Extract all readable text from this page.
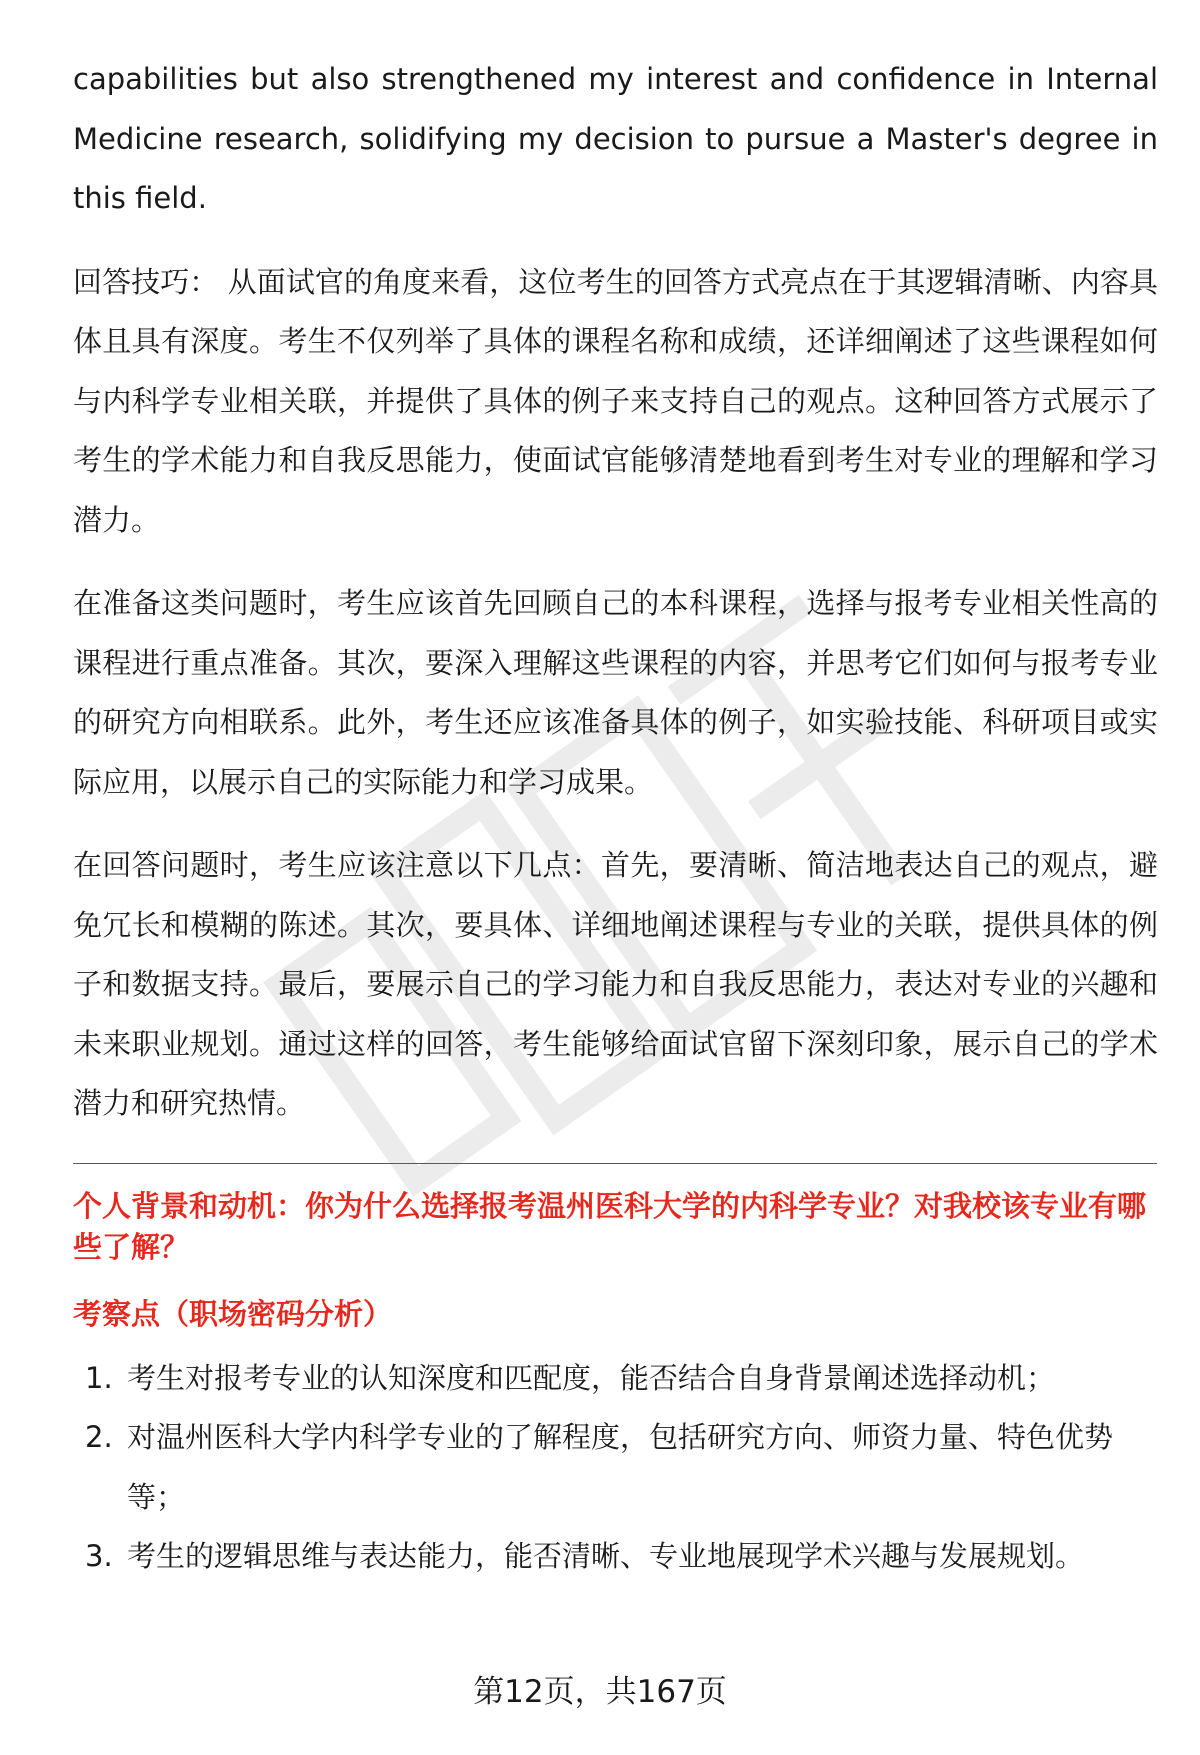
capabilities but also strengthened my interest and confidence in Internal Medicine research, solidifying my decision to pursue a Master's degree in this field.

回答技巧： 从面试官的角度来看，这位考生的回答方式亮点在于其逻辑清晰、内容具体且具有深度。考生不仅列举了具体的课程名称和成绩，还详细阐述了这些课程如何与内科学专业相关联，并提供了具体的例子来支持自己的观点。这种回答方式展示了考生的学术能力和自我反思能力，使面试官能够清楚地看到考生对专业的理解和学习潜力。

在准备这类问题时，考生应该首先回顾自己的本科课程，选择与报考专业相关性高的课程进行重点准备。其次，要深入理解这些课程的内容，并思考它们如何与报考专业的研究方向相联系。此外，考生还应该准备具体的例子，如实验技能、科研项目或实际应用，以展示自己的实际能力和学习成果。

在回答问题时，考生应该注意以下几点：首先，要清晰、简洁地表达自己的观点，避免冗长和模糊的陈述。其次，要具体、详细地阐述课程与专业的关联，提供具体的例子和数据支持。最后，要展示自己的学习能力和自我反思能力，表达对专业的兴趣和未来职业规划。通过这样的回答，考生能够给面试官留下深刻印象，展示自己的学术潜力和研究热情。

个人背景和动机：你为什么选择报考温州医科大学的内科学专业？对我校该专业有哪些了解？

考察点（职场密码分析）

1. 考生对报考专业的认知深度和匹配度，能否结合自身背景阐述选择动机；
2. 对温州医科大学内科学专业的了解程度，包括研究方向、师资力量、特色优势等；
3. 考生的逻辑思维与表达能力，能否清晰、专业地展现学术兴趣与发展规划。
第12页，共167页
